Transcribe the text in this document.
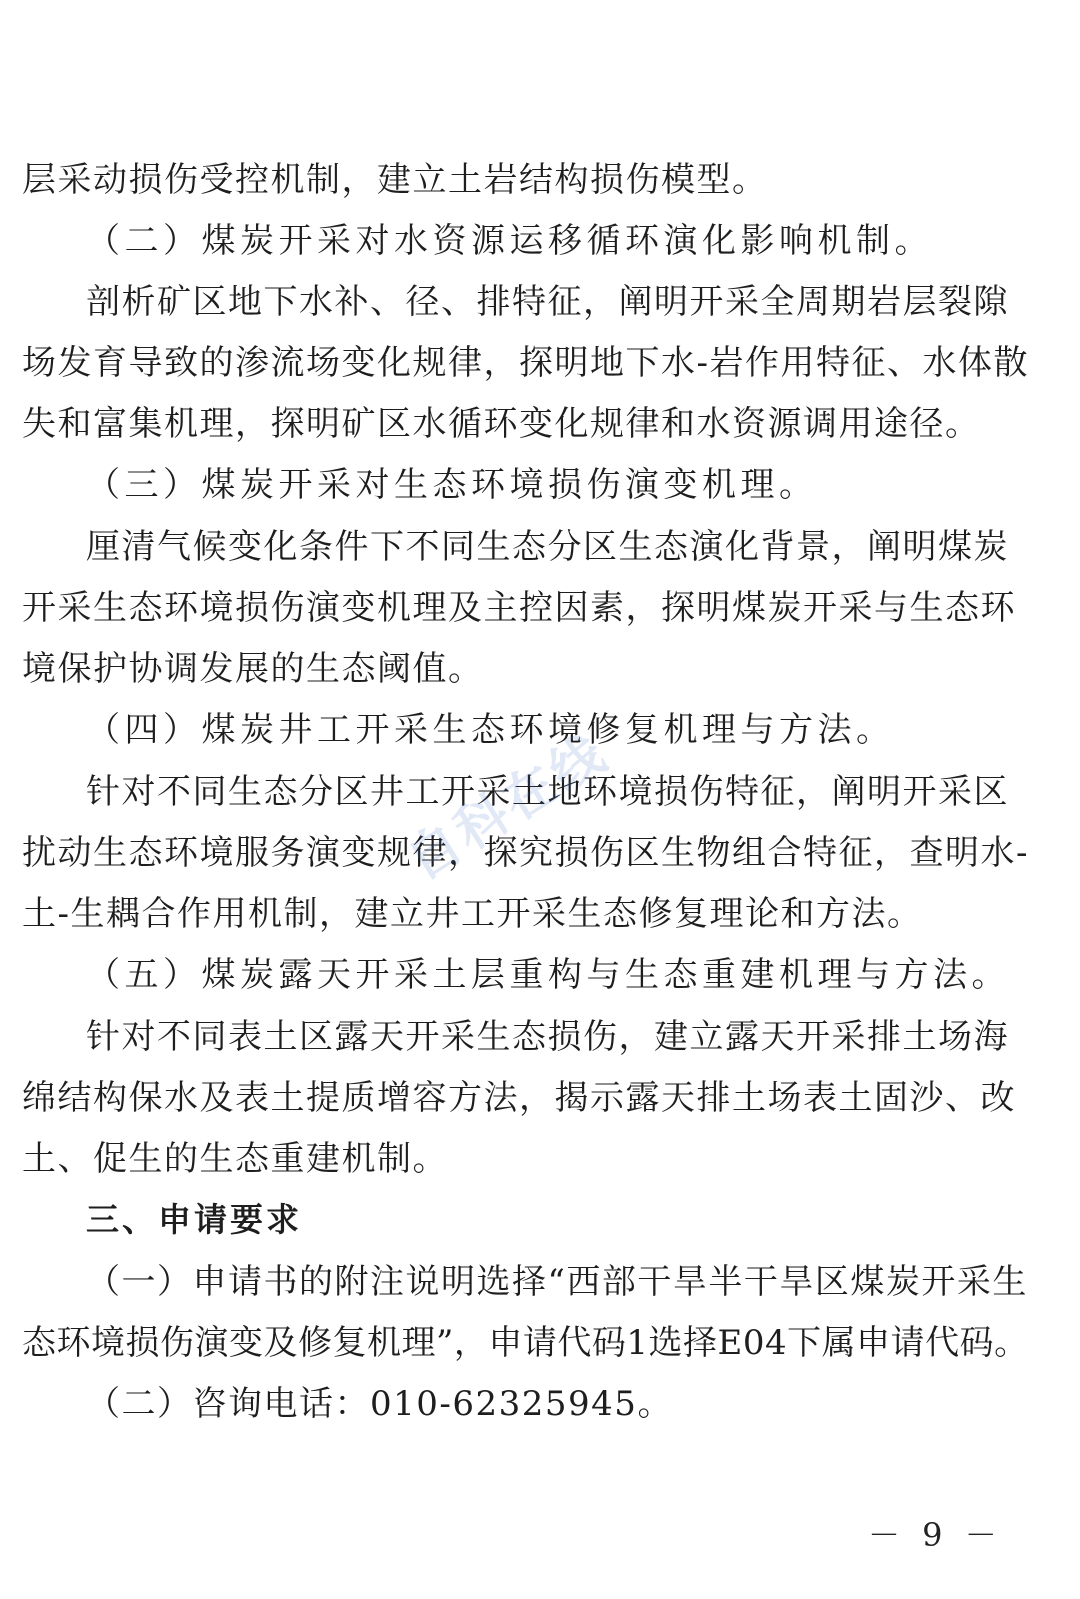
层采动损伤受控机制，建立土岩结构损伤模型。
（二）煤炭开采对水资源运移循环演化影响机制。
剖析矿区地下水补、径、排特征，阐明开采全周期岩层裂隙
场发育导致的渗流场变化规律，探明地下水-岩作用特征、水体散
失和富集机理，探明矿区水循环变化规律和水资源调用途径。
（三）煤炭开采对生态环境损伤演变机理。
厘清气候变化条件下不同生态分区生态演化背景，阐明煤炭
开采生态环境损伤演变机理及主控因素，探明煤炭开采与生态环
境保护协调发展的生态阈值。
（四）煤炭井工开采生态环境修复机理与方法。
针对不同生态分区井工开采土地环境损伤特征，阐明开采区
扰动生态环境服务演变规律，探究损伤区生物组合特征，查明水-
土-生耦合作用机制，建立井工开采生态修复理论和方法。
（五）煤炭露天开采土层重构与生态重建机理与方法。
针对不同表土区露天开采生态损伤，建立露天开采排土场海
绵结构保水及表土提质增容方法，揭示露天排土场表土固沙、改
土、促生的生态重建机制。
三、申请要求
（一）申请书的附注说明选择“西部干旱半干旱区煤炭开采生
态环境损伤演变及修复机理”，申请代码1选择E04下属申请代码。
（二）咨询电话：010-62325945。
自科在线
－ 9 －
